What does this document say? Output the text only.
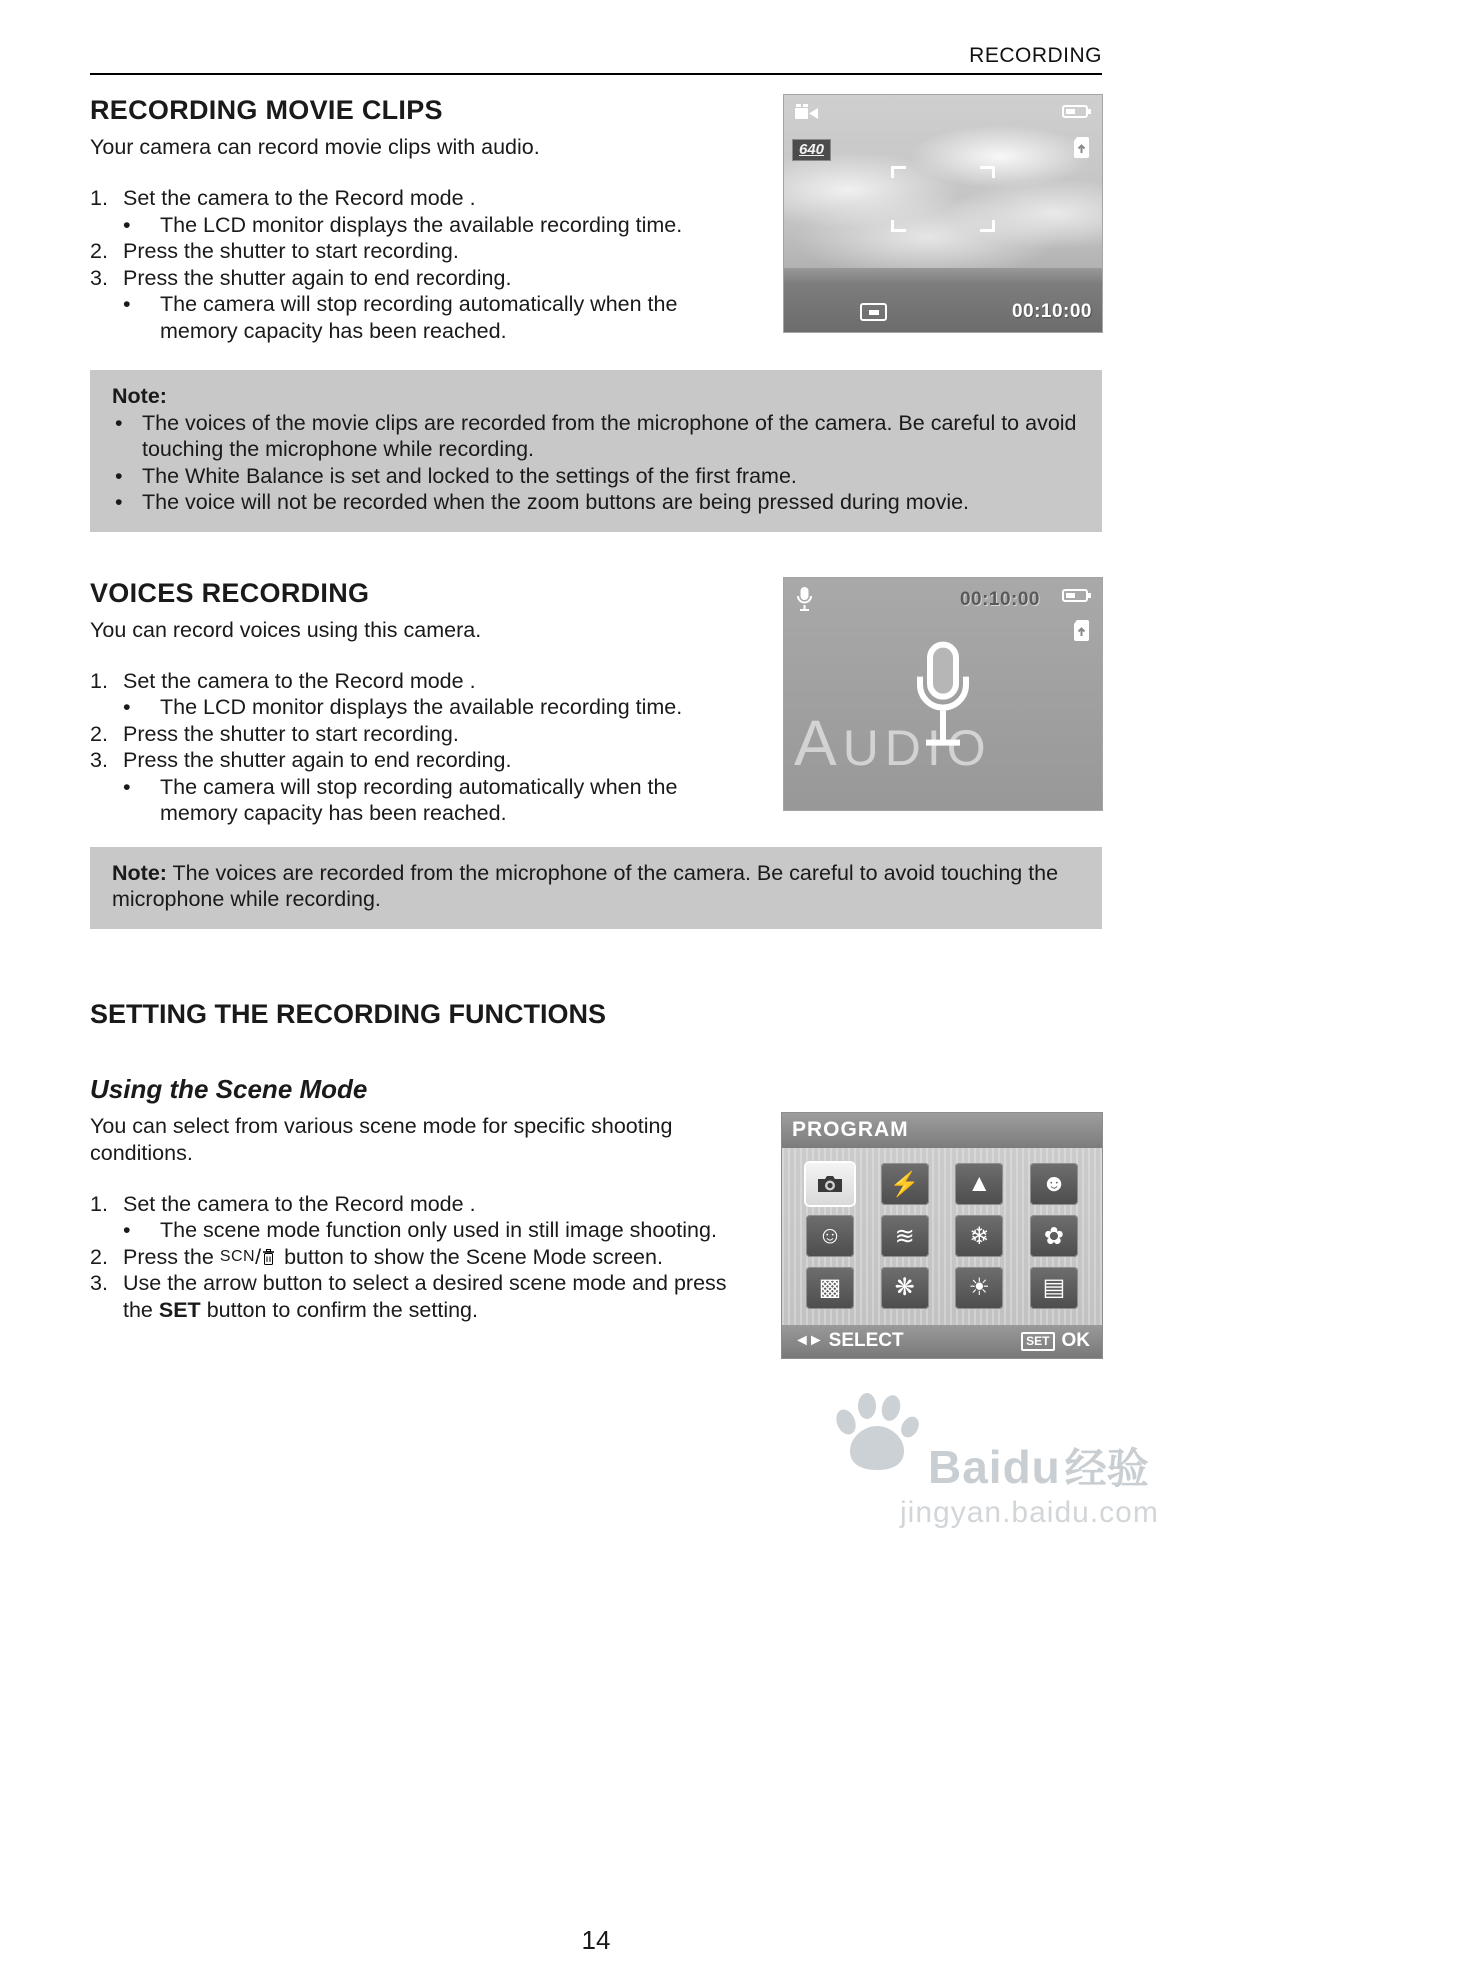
RECORDING
RECORDING MOVIE CLIPS
Your camera can record movie clips with audio.
1. Set the camera to the Record mode .
•	The LCD monitor displays the available recording time.
2. Press the shutter to start recording.
3. Press the shutter again to end recording.
•	The camera will stop recording automatically when the memory capacity has been reached.
640
00:10:00
Note:
• The voices of the movie clips are recorded from the microphone of the camera. Be careful to avoid touching the microphone while recording.
• The White Balance is set and locked to the settings of the first frame.
• The voice will not be recorded when the zoom buttons are being pressed during movie.
VOICES RECORDING
You can record voices using this camera.
1. Set the camera to the Record mode .
•	The LCD monitor displays the available recording time.
2. Press the shutter to start recording.
3. Press the shutter again to end recording.
•	The camera will stop recording automatically when the memory capacity has been reached.
00:10:00
AUDIO
Note: The voices are recorded from the microphone of the camera. Be careful to avoid touching the microphone while recording.
SETTING THE RECORDING FUNCTIONS
Using the Scene Mode
You can select from various scene mode for specific shooting conditions.
1. Set the camera to the Record mode .
•	The scene mode function only used in still image shooting.
2. Press the SCN/ button to show the Scene Mode screen.
3. Use the arrow button to select a desired scene mode and press the SET button to confirm the setting.
PROGRAM
⚡ ▲ ☻
☺ ≋ ❄ ✿
▩ ❋ ☀ ▤
◄► SELECT	SET OK
Baidu经验
jingyan.baidu.com
14
